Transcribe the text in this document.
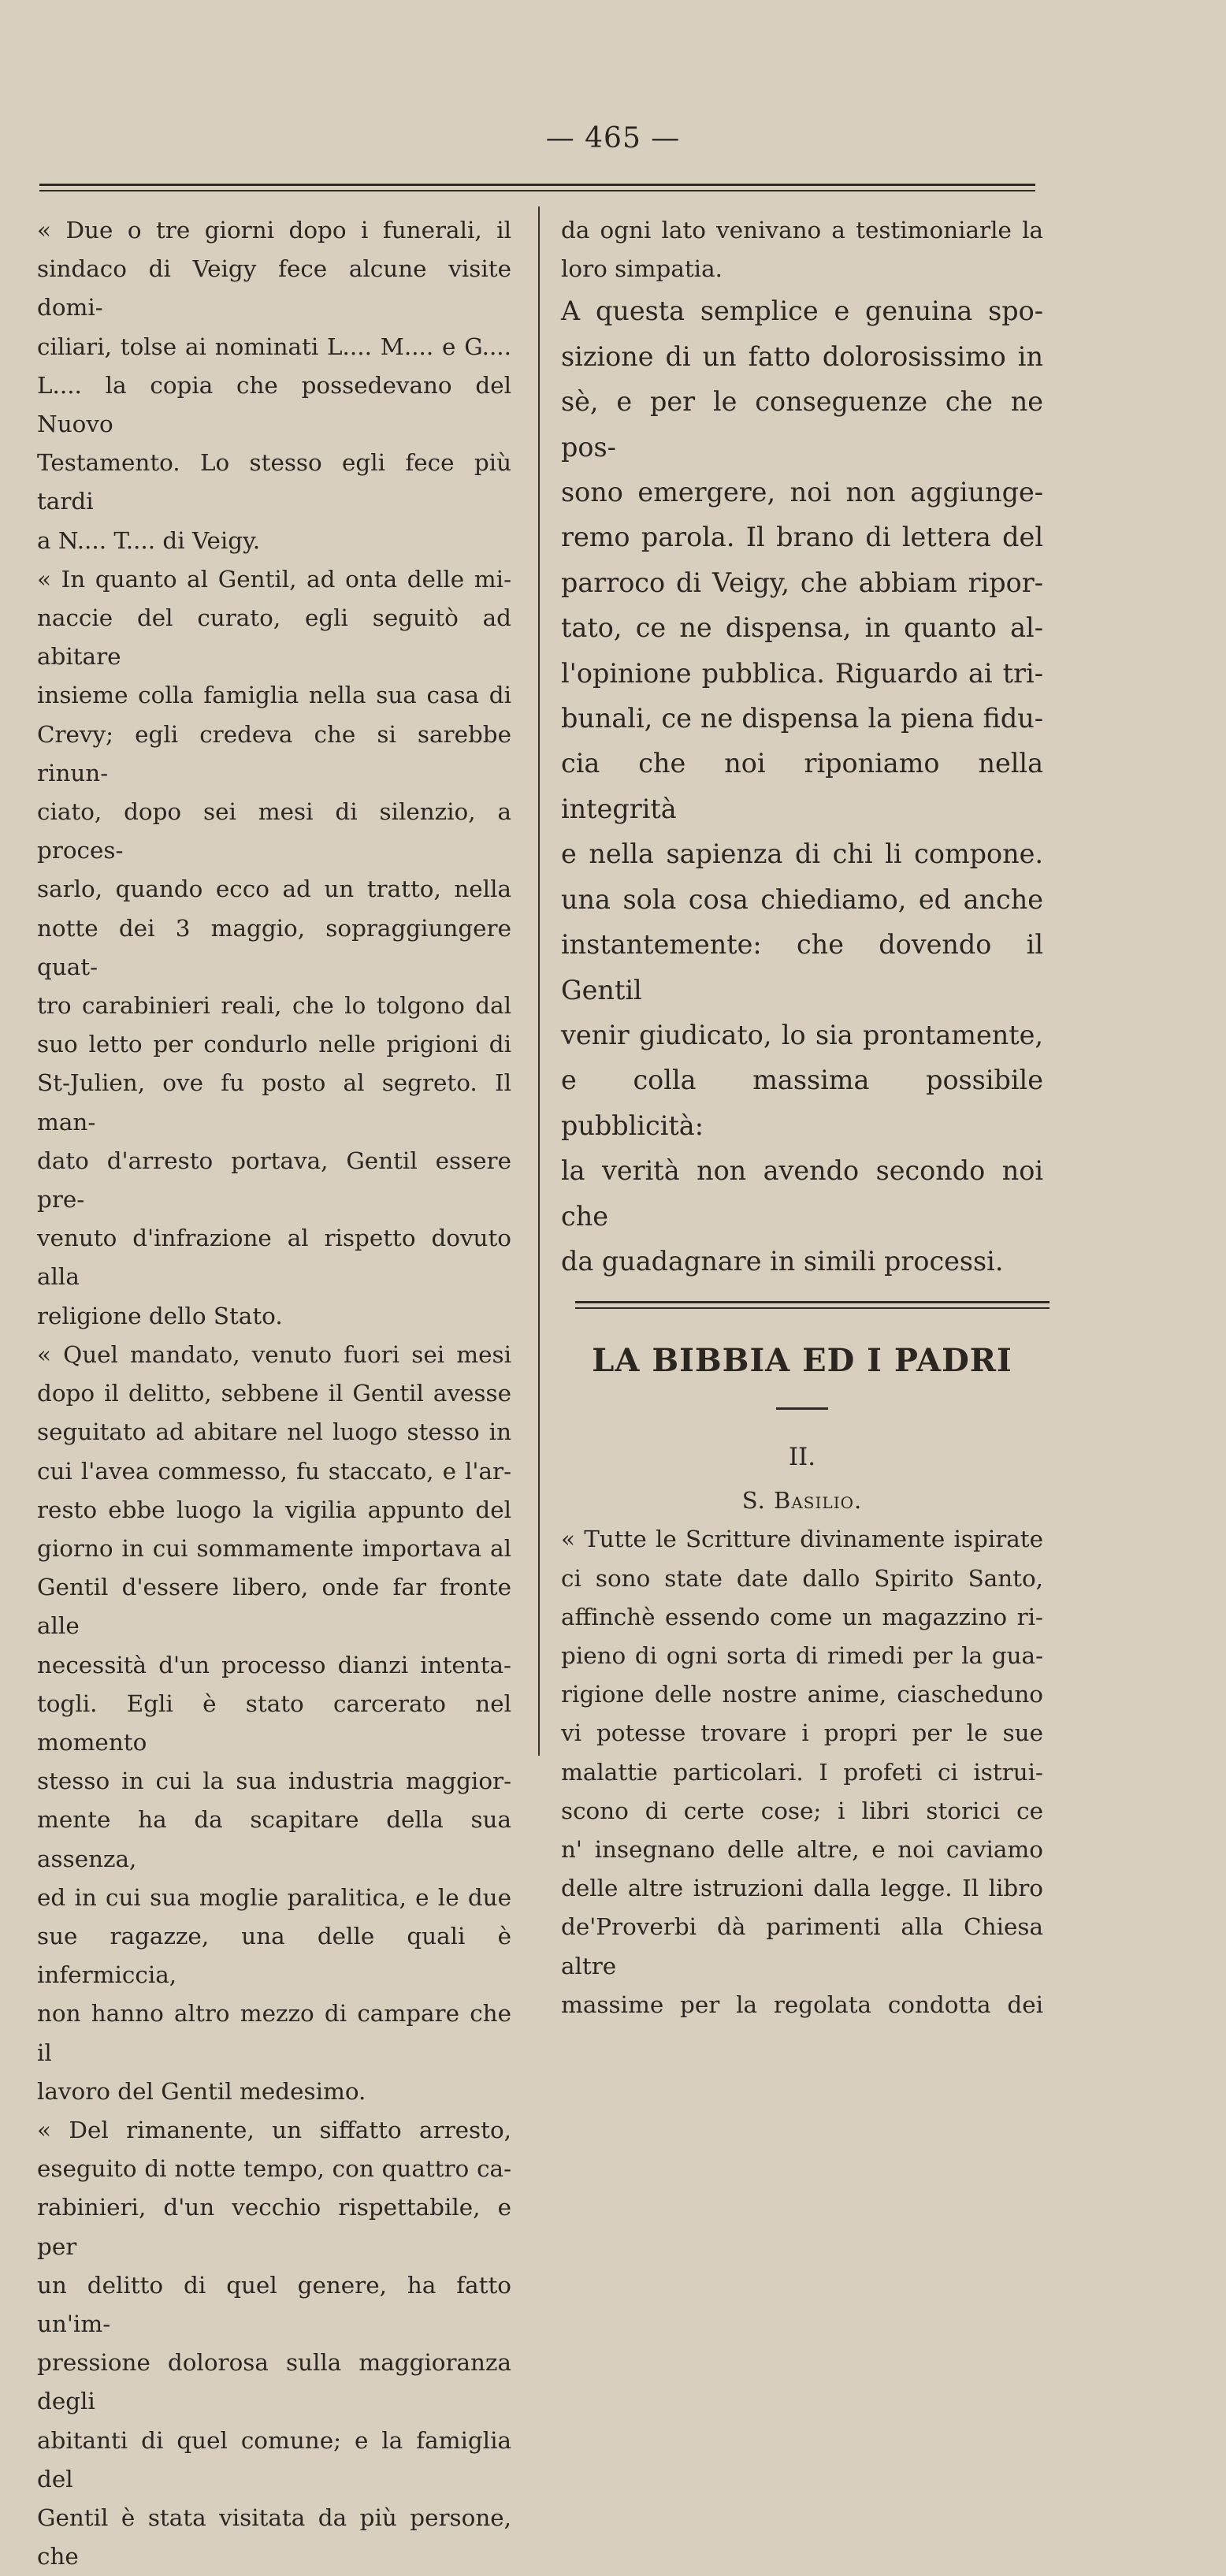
— 465 —
« Due o tre giorni dopo i funerali, il
sindaco di Veigy fece alcune visite domi-
ciliari, tolse ai nominati L.... M.... e G....
L.... la copia che possedevano del Nuovo
Testamento. Lo stesso egli fece più tardi
a N.... T.... di Veigy.
« In quanto al Gentil, ad onta delle mi-
naccie del curato, egli seguitò ad abitare
insieme colla famiglia nella sua casa di
Crevy; egli credeva che si sarebbe rinun-
ciato, dopo sei mesi di silenzio, a proces-
sarlo, quando ecco ad un tratto, nella
notte dei 3 maggio, sopraggiungere quat-
tro carabinieri reali, che lo tolgono dal
suo letto per condurlo nelle prigioni di
St-Julien, ove fu posto al segreto. Il man-
dato d'arresto portava, Gentil essere pre-
venuto d'infrazione al rispetto dovuto alla
religione dello Stato.
« Quel mandato, venuto fuori sei mesi
dopo il delitto, sebbene il Gentil avesse
seguitato ad abitare nel luogo stesso in
cui l'avea commesso, fu staccato, e l'ar-
resto ebbe luogo la vigilia appunto del
giorno in cui sommamente importava al
Gentil d'essere libero, onde far fronte alle
necessità d'un processo dianzi intenta-
togli. Egli è stato carcerato nel momento
stesso in cui la sua industria maggior-
mente ha da scapitare della sua assenza,
ed in cui sua moglie paralitica, e le due
sue ragazze, una delle quali è infermiccia,
non hanno altro mezzo di campare che il
lavoro del Gentil medesimo.
« Del rimanente, un siffatto arresto,
eseguito di notte tempo, con quattro ca-
rabinieri, d'un vecchio rispettabile, e per
un delitto di quel genere, ha fatto un'im-
pressione dolorosa sulla maggioranza degli
abitanti di quel comune; e la famiglia del
Gentil è stata visitata da più persone, che
da ogni lato venivano a testimoniarle la
loro simpatia.
A questa semplice e genuina spo-
sizione di un fatto dolorosissimo in
sè, e per le conseguenze che ne pos-
sono emergere, noi non aggiunge-
remo parola. Il brano di lettera del
parroco di Veigy, che abbiam ripor-
tato, ce ne dispensa, in quanto al-
l'opinione pubblica. Riguardo ai tri-
bunali, ce ne dispensa la piena fidu-
cia che noi riponiamo nella integrità
e nella sapienza di chi li compone.
una sola cosa chiediamo, ed anche
instantemente: che dovendo il Gentil
venir giudicato, lo sia prontamente,
e colla massima possibile pubblicità:
la verità non avendo secondo noi che
da guadagnare in simili processi.
LA BIBBIA ED I PADRI
II.
S. Basilio.
« Tutte le Scritture divinamente ispirate
ci sono state date dallo Spirito Santo,
affinchè essendo come un magazzino ri-
pieno di ogni sorta di rimedi per la gua-
rigione delle nostre anime, ciascheduno
vi potesse trovare i propri per le sue
malattie particolari. I profeti ci istrui-
scono di certe cose; i libri storici ce
n' insegnano delle altre, e noi caviamo
delle altre istruzioni dalla legge. Il libro
de'Proverbi dà parimenti alla Chiesa altre
massime per la regolata condotta dei
